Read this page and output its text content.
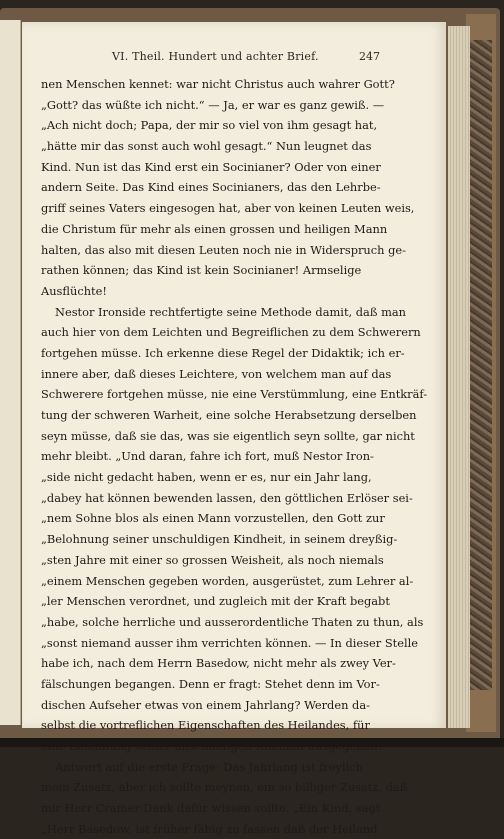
VI. Theil. Hundert und achter Brief.	247
nen Menschen kennet: war nicht Christus auch wahrer Gott?
„Gott? das wüßte ich nicht.“ — Ja, er war es ganz gewiß. —
„Ach nicht doch; Papa, der mir so viel von ihm gesagt hat,
„hätte mir das sonst auch wohl gesagt.“ Nun leugnet das
Kind. Nun ist das Kind erst ein Socinianer? Oder von einer
andern Seite. Das Kind eines Socinianers, das den Lehrbe-
griff seines Vaters eingesogen hat, aber von keinen Leuten weis,
die Christum für mehr als einen grossen und heiligen Mann
halten, das also mit diesen Leuten noch nie in Widerspruch ge-
rathen können; das Kind ist kein Socinianer! Armselige
Ausflüchte!
Nestor Ironside rechtfertigte seine Methode damit, daß man
auch hier von dem Leichten und Begreiflichen zu dem Schwerern
fortgehen müsse. Ich erkenne diese Regel der Didaktik; ich er-
innere aber, daß dieses Leichtere, von welchem man auf das
Schwerere fortgehen müsse, nie eine Verstümmlung, eine Entkräf-
tung der schweren Warheit, eine solche Herabsetzung derselben
seyn müsse, daß sie das, was sie eigentlich seyn sollte, gar nicht
mehr bleibt. „Und daran, fahre ich fort, muß Nestor Iron-
„side nicht gedacht haben, wenn er es, nur ein Jahr lang,
„dabey hat können bewenden lassen, den göttlichen Erlöser sei-
„nem Sohne blos als einen Mann vorzustellen, den Gott zur
„Belohnung seiner unschuldigen Kindheit, in seinem dreyßig-
„sten Jahre mit einer so grossen Weisheit, als noch niemals
„einem Menschen gegeben worden, ausgerüstet, zum Lehrer al-
„ler Menschen verordnet, und zugleich mit der Kraft begabt
„habe, solche herrliche und ausserordentliche Thaten zu thun, als
„sonst niemand ausser ihm verrichten können. — In dieser Stelle
habe ich, nach dem Herrn Basedow, nicht mehr als zwey Ver-
fälschungen begangen. Denn er fragt: Stehet denn im Vor-
dischen Aufseher etwas von einem Jahrlang? Werden da-
selbst die vortreflichen Eigenschaften des Heilandes, für
Antwort auf die erste Frage: Das Jahrlang ist freylich
mein Zusatz, aber ich sollte meynen, ein so billiger Zusatz, daß
mir Herr Cramer Dank dafür wissen sollte. „Ein Kind, sagt
„Herr Basedow, ist früher fähig zu fassen daß der Heiland
